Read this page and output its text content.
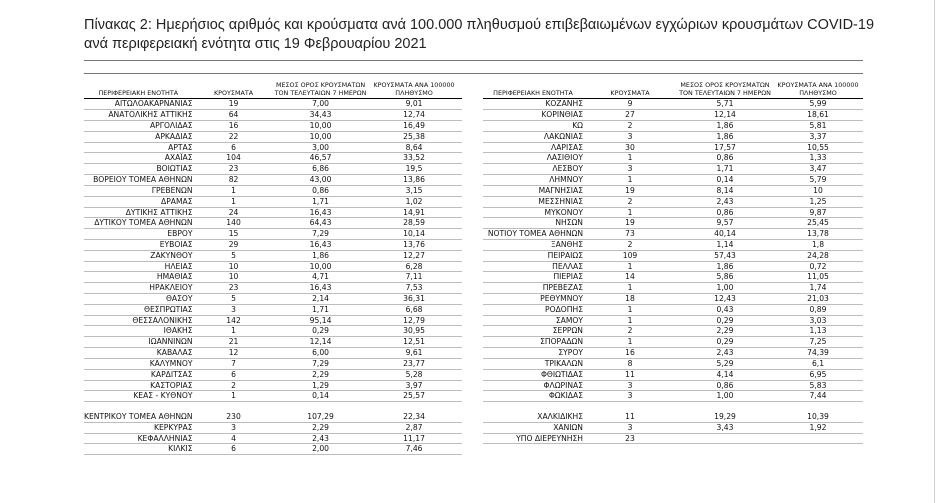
Πίνακας 2: Ημερήσιος αριθμός και κρούσματα ανά 100.000 πληθυσμού επιβεβαιωμένων εγχώριων κρουσμάτων COVID-19 ανά περιφερειακή ενότητα στις 19 Φεβρουαρίου 2021
ΠΕΡΙΦΕΡΕΙΑΚΗ ΕΝΟΤΗΤΑ	ΚΡΟΥΣΜΑΤΑ	ΜΕΣΟΣ ΟΡΟΣ ΚΡΟΥΣΜΑΤΩΝ ΤΟΝ ΤΕΛΕΥΤΑΙΩΝ 7 ΗΜΕΡΩΝ	ΚΡΟΥΣΜΑΤΑ ΑΝΑ 100000 ΠΛΗΘΥΣΜΟ
ΑΙΤΩΛΟΑΚΑΡΝΑΝΙΑΣ	19	7,00	9,01
ΑΝΑΤΟΛΙΚΗΣ ΑΤΤΙΚΗΣ	64	34,43	12,74
ΑΡΓΟΛΙΔΑΣ	16	10,00	16,49
ΑΡΚΑΔΙΑΣ	22	10,00	25,38
ΑΡΤΑΣ	6	3,00	8,64
ΑΧΑΪΑΣ	104	46,57	33,52
ΒΟΙΩΤΙΑΣ	23	6,86	19,5
ΒΟΡΕΙΟΥ ΤΟΜΕΑ ΑΘΗΝΩΝ	82	43,00	13,86
ΓΡΕΒΕΝΩΝ	1	0,86	3,15
ΔΡΑΜΑΣ	1	1,71	1,02
ΔΥΤΙΚΗΣ ΑΤΤΙΚΗΣ	24	16,43	14,91
ΔΥΤΙΚΟΥ ΤΟΜΕΑ ΑΘΗΝΩΝ	140	64,43	28,59
ΕΒΡΟΥ	15	7,29	10,14
ΕΥΒΟΙΑΣ	29	16,43	13,76
ΖΑΚΥΝΘΟΥ	5	1,86	12,27
ΗΛΕΙΑΣ	10	10,00	6,28
ΗΜΑΘΙΑΣ	10	4,71	7,11
ΗΡΑΚΛΕΙΟΥ	23	16,43	7,53
ΘΑΣΟΥ	5	2,14	36,31
ΘΕΣΠΡΩΤΙΑΣ	3	1,71	6,68
ΘΕΣΣΑΛΟΝΙΚΗΣ	142	95,14	12,79
ΙΘΑΚΗΣ	1	0,29	30,95
ΙΩΑΝΝΙΝΩΝ	21	12,14	12,51
ΚΑΒΑΛΑΣ	12	6,00	9,61
ΚΑΛΥΜΝΟΥ	7	7,29	23,77
ΚΑΡΔΙΤΣΑΣ	6	2,29	5,28
ΚΑΣΤΟΡΙΑΣ	2	1,29	3,97
ΚΕΑΣ - ΚΥΘΝΟΥ	1	0,14	25,57

ΚΕΝΤΡΙΚΟΥ ΤΟΜΕΑ ΑΘΗΝΩΝ	230	107,29	22,34
ΚΕΡΚΥΡΑΣ	3	2,29	2,87
ΚΕΦΑΛΛΗΝΙΑΣ	4	2,43	11,17
ΚΙΛΚΙΣ	6	2,00	7,46
ΠΕΡΙΦΕΡΕΙΑΚΗ ΕΝΟΤΗΤΑ	ΚΡΟΥΣΜΑΤΑ	ΜΕΣΟΣ ΟΡΟΣ ΚΡΟΥΣΜΑΤΩΝ ΤΟΝ ΤΕΛΕΥΤΑΙΩΝ 7 ΗΜΕΡΩΝ	ΚΡΟΥΣΜΑΤΑ ΑΝΑ 100000 ΠΛΗΘΥΣΜΟ
ΚΟΖΑΝΗΣ	9	5,71	5,99
ΚΟΡΙΝΘΙΑΣ	27	12,14	18,61
ΚΩ	2	1,86	5,81
ΛΑΚΩΝΙΑΣ	3	1,86	3,37
ΛΑΡΙΣΑΣ	30	17,57	10,55
ΛΑΣΙΘΙΟΥ	1	0,86	1,33
ΛΕΣΒΟΥ	3	1,71	3,47
ΛΗΜΝΟΥ	1	0,14	5,79
ΜΑΓΝΗΣΙΑΣ	19	8,14	10
ΜΕΣΣΗΝΙΑΣ	2	2,43	1,25
ΜΥΚΟΝΟΥ	1	0,86	9,87
ΝΗΣΩΝ	19	9,57	25,45
ΝΟΤΙΟΥ ΤΟΜΕΑ ΑΘΗΝΩΝ	73	40,14	13,78
ΞΑΝΘΗΣ	2	1,14	1,8
ΠΕΙΡΑΙΩΣ	109	57,43	24,28
ΠΕΛΛΑΣ	1	1,86	0,72
ΠΙΕΡΙΑΣ	14	5,86	11,05
ΠΡΕΒΕΖΑΣ	1	1,00	1,74
ΡΕΘΥΜΝΟΥ	18	12,43	21,03
ΡΟΔΟΠΗΣ	1	0,43	0,89
ΣΑΜΟΥ	1	0,29	3,03
ΣΕΡΡΩΝ	2	2,29	1,13
ΣΠΟΡΑΔΩΝ	1	0,29	7,25
ΣΥΡΟΥ	16	2,43	74,39
ΤΡΙΚΑΛΩΝ	8	5,29	6,1
ΦΘΙΩΤΙΔΑΣ	11	4,14	6,95
ΦΛΩΡΙΝΑΣ	3	0,86	5,83
ΦΩΚΙΔΑΣ	3	1,00	7,44

ΧΑΛΚΙΔΙΚΗΣ	11	19,29	10,39
ΧΑΝΙΩΝ	3	3,43	1,92
ΥΠΟ ΔΙΕΡΕΥΝΗΣΗ	23		
